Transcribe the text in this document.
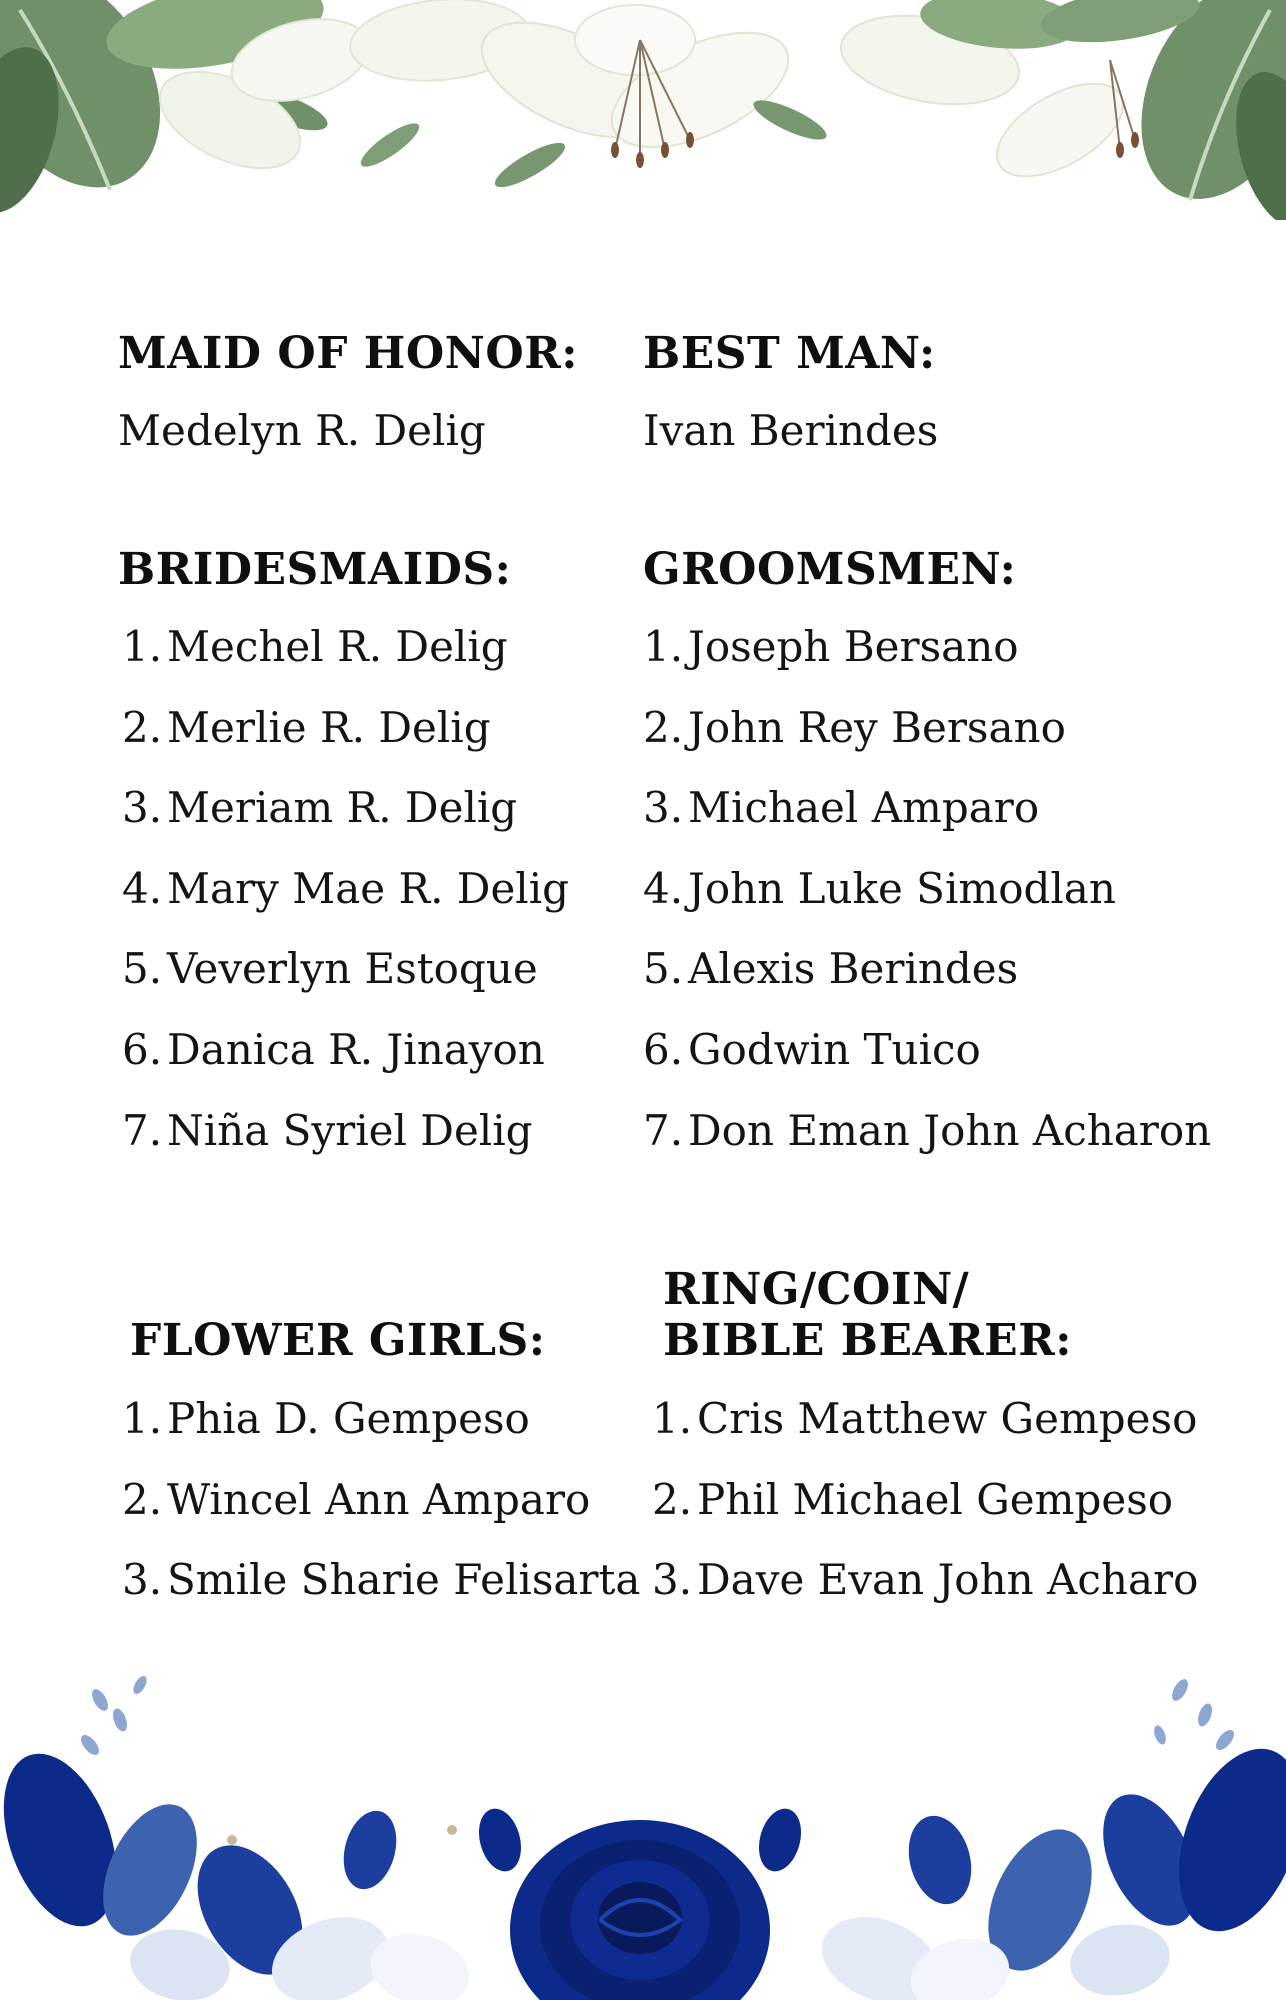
MAID OF HONOR:

Medelyn R. Delig

BEST MAN:

Ivan Berindes

BRIDESMAIDS:
1. Mechel R. Delig
2. Merlie R. Delig
3. Meriam R. Delig
4. Mary Mae R. Delig
5. Veverlyn Estoque
6. Danica R. Jinayon
7. Niña Syriel Delig
GROOMSMEN:
1. Joseph Bersano
2. John Rey Bersano
3. Michael Amparo
4. John Luke Simodlan
5. Alexis Berindes
6. Godwin Tuico
7. Don Eman John Acharon
FLOWER GIRLS:
1. Phia D. Gempeso
2. Wincel Ann Amparo
3. Smile Sharie Felisarta
RING/COIN/
BIBLE BEARER:
1. Cris Matthew Gempeso
2. Phil Michael Gempeso
3. Dave Evan John Acharo
